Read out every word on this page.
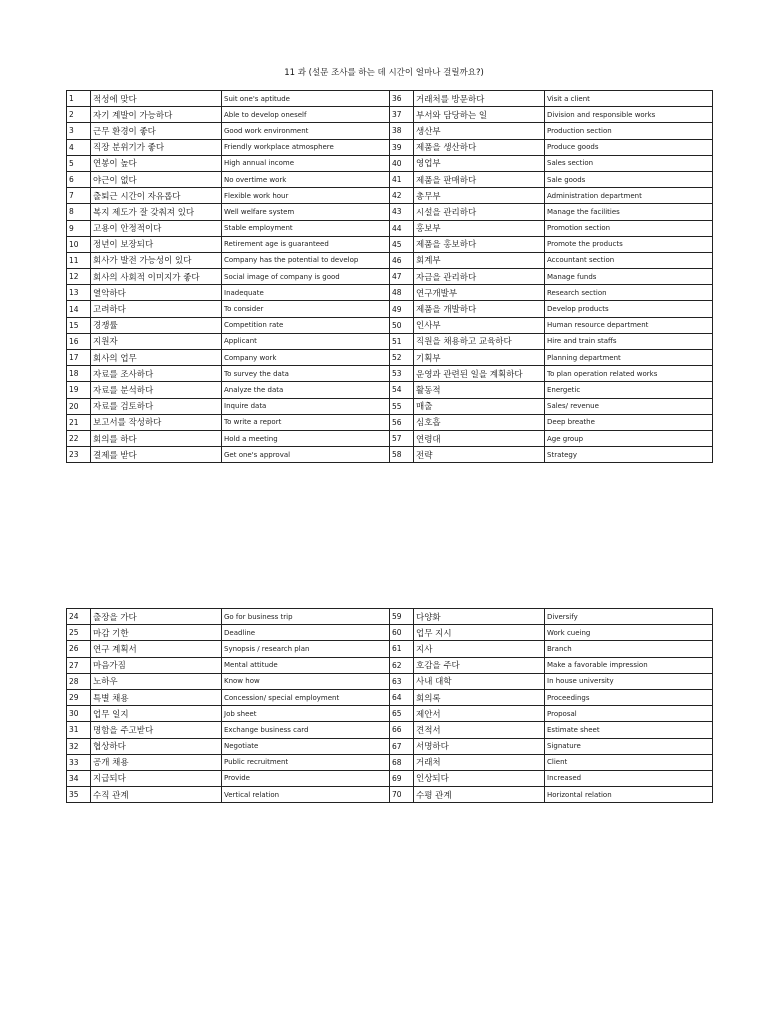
11 과 (설문 조사를 하는 데 시간이 얼마나 걸릴까요?)
1	적성에 맞다	Suit one's aptitude	36	거래처를 방문하다	Visit a client
2	자기 계발이 가능하다	Able to develop oneself	37	부서와 담당하는 일	Division and responsible works
3	근무 환경이 좋다	Good work environment	38	생산부	Production section
4	직장 분위기가 좋다	Friendly workplace atmosphere	39	제품을 생산하다	Produce goods
5	연봉이 높다	High annual income	40	영업부	Sales section
6	야근이 없다	No overtime work	41	제품을 판매하다	Sale goods
7	출퇴근 시간이 자유롭다	Flexible work hour	42	총무부	Administration department
8	복지 제도가 잘 갖춰져 있다	Well welfare system	43	시설을 관리하다	Manage the facilities
9	고용이 안정적이다	Stable employment	44	홍보부	Promotion section
10	정년이 보장되다	Retirement age is guaranteed	45	제품을 홍보하다	Promote the products
11	회사가 발전 가능성이 있다	Company has the potential to develop	46	회계부	Accountant section
12	회사의 사회적 이미지가 좋다	Social image of company is good	47	자금을 관리하다	Manage funds
13	열악하다	Inadequate	48	연구개발부	Research section
14	고려하다	To consider	49	제품을 개발하다	Develop products
15	경쟁률	Competition rate	50	인사부	Human resource department
16	지원자	Applicant	51	직원을 채용하고 교육하다	Hire and train staffs
17	회사의 업무	Company work	52	기획부	Planning department
18	자료를 조사하다	To survey the data	53	운영과 관련된 일을 계획하다	To plan operation related works
19	자료를 분석하다	Analyze the data	54	활동적	Energetic
20	자료를 검토하다	Inquire data	55	매출	Sales/ revenue
21	보고서를 작성하다	To write a report	56	심호흡	Deep breathe
22	회의를 하다	Hold a meeting	57	연령대	Age group
23	결제를 받다	Get one's approval	58	전략	Strategy
24	출장을 가다	Go for business trip	59	다양화	Diversify
25	마감 기한	Deadline	60	업무 지시	Work cueing
26	연구 계획서	Synopsis / research plan	61	지사	Branch
27	마음가짐	Mental attitude	62	호감을 주다	Make a favorable impression
28	노하우	Know how	63	사내 대학	In house university
29	특별 채용	Concession/ special employment	64	회의록	Proceedings
30	업무 일지	Job sheet	65	제안서	Proposal
31	명함을 주고받다	Exchange business card	66	견적서	Estimate sheet
32	협상하다	Negotiate	67	서명하다	Signature
33	공개 채용	Public recruitment	68	거래처	Client
34	지급되다	Provide	69	인상되다	Increased
35	수직 관계	Vertical relation	70	수평 관계	Horizontal relation
